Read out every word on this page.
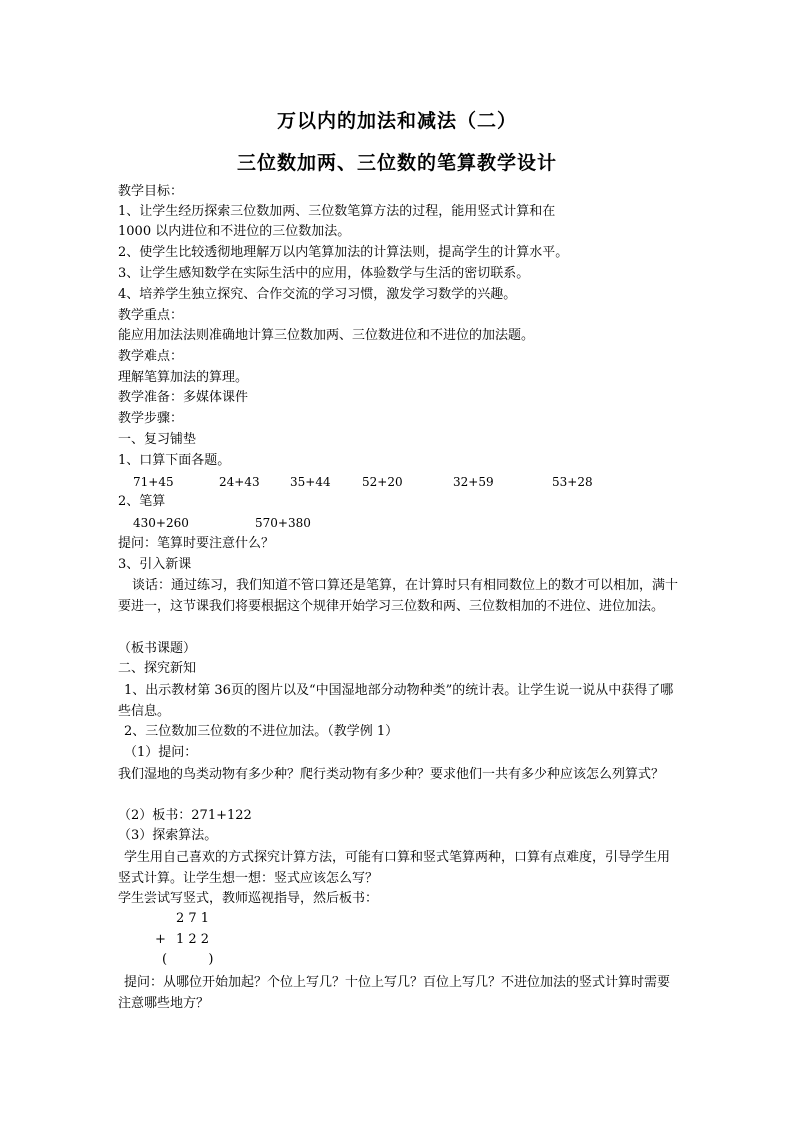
万以内的加法和减法（二）
三位数加两、三位数的笔算教学设计
教学目标：
1、让学生经历探索三位数加两、三位数笔算方法的过程，能用竖式计算和在
1000 以内进位和不进位的三位数加法。
2、使学生比较透彻地理解万以内笔算加法的计算法则，提高学生的计算水平。
3、让学生感知数学在实际生活中的应用，体验数学与生活的密切联系。
4、培养学生独立探究、合作交流的学习习惯，激发学习数学的兴趣。
教学重点：
能应用加法法则准确地计算三位数加两、三位数进位和不进位的加法题。
教学难点：
理解笔算加法的算理。
教学准备：多媒体课件
教学步骤：
一、复习铺垫
1、口算下面各题。
71+45	24+43	35+44	52+20	32+59	53+28
2、笔算
430+260	570+380
提问：笔算时要注意什么？
3、引入新课
谈话：通过练习，我们知道不管口算还是笔算，在计算时只有相同数位上的数才可以相加，满十要进一，这节课我们将要根据这个规律开始学习三位数和两、三位数相加的不进位、进位加法。
（板书课题）
二、探究新知
1、出示教材第 36页的图片以及“中国湿地部分动物种类”的统计表。让学生说一说从中获得了哪些信息。
2、三位数加三位数的不进位加法。（教学例 1）
（1）提问：
我们湿地的鸟类动物有多少种？爬行类动物有多少种？要求他们一共有多少种应该怎么列算式？
（2）板书：271+122
（3）探索算法。
学生用自己喜欢的方式探究计算方法，可能有口算和竖式笔算两种，口算有点难度，引导学生用竖式计算。让学生想一想：竖式应该怎么写？
学生尝试写竖式，教师巡视指导，然后板书：
2 7 1
+ 1 2 2
(          )
提问：从哪位开始加起？个位上写几？十位上写几？百位上写几？不进位加法的竖式计算时需要注意哪些地方？
